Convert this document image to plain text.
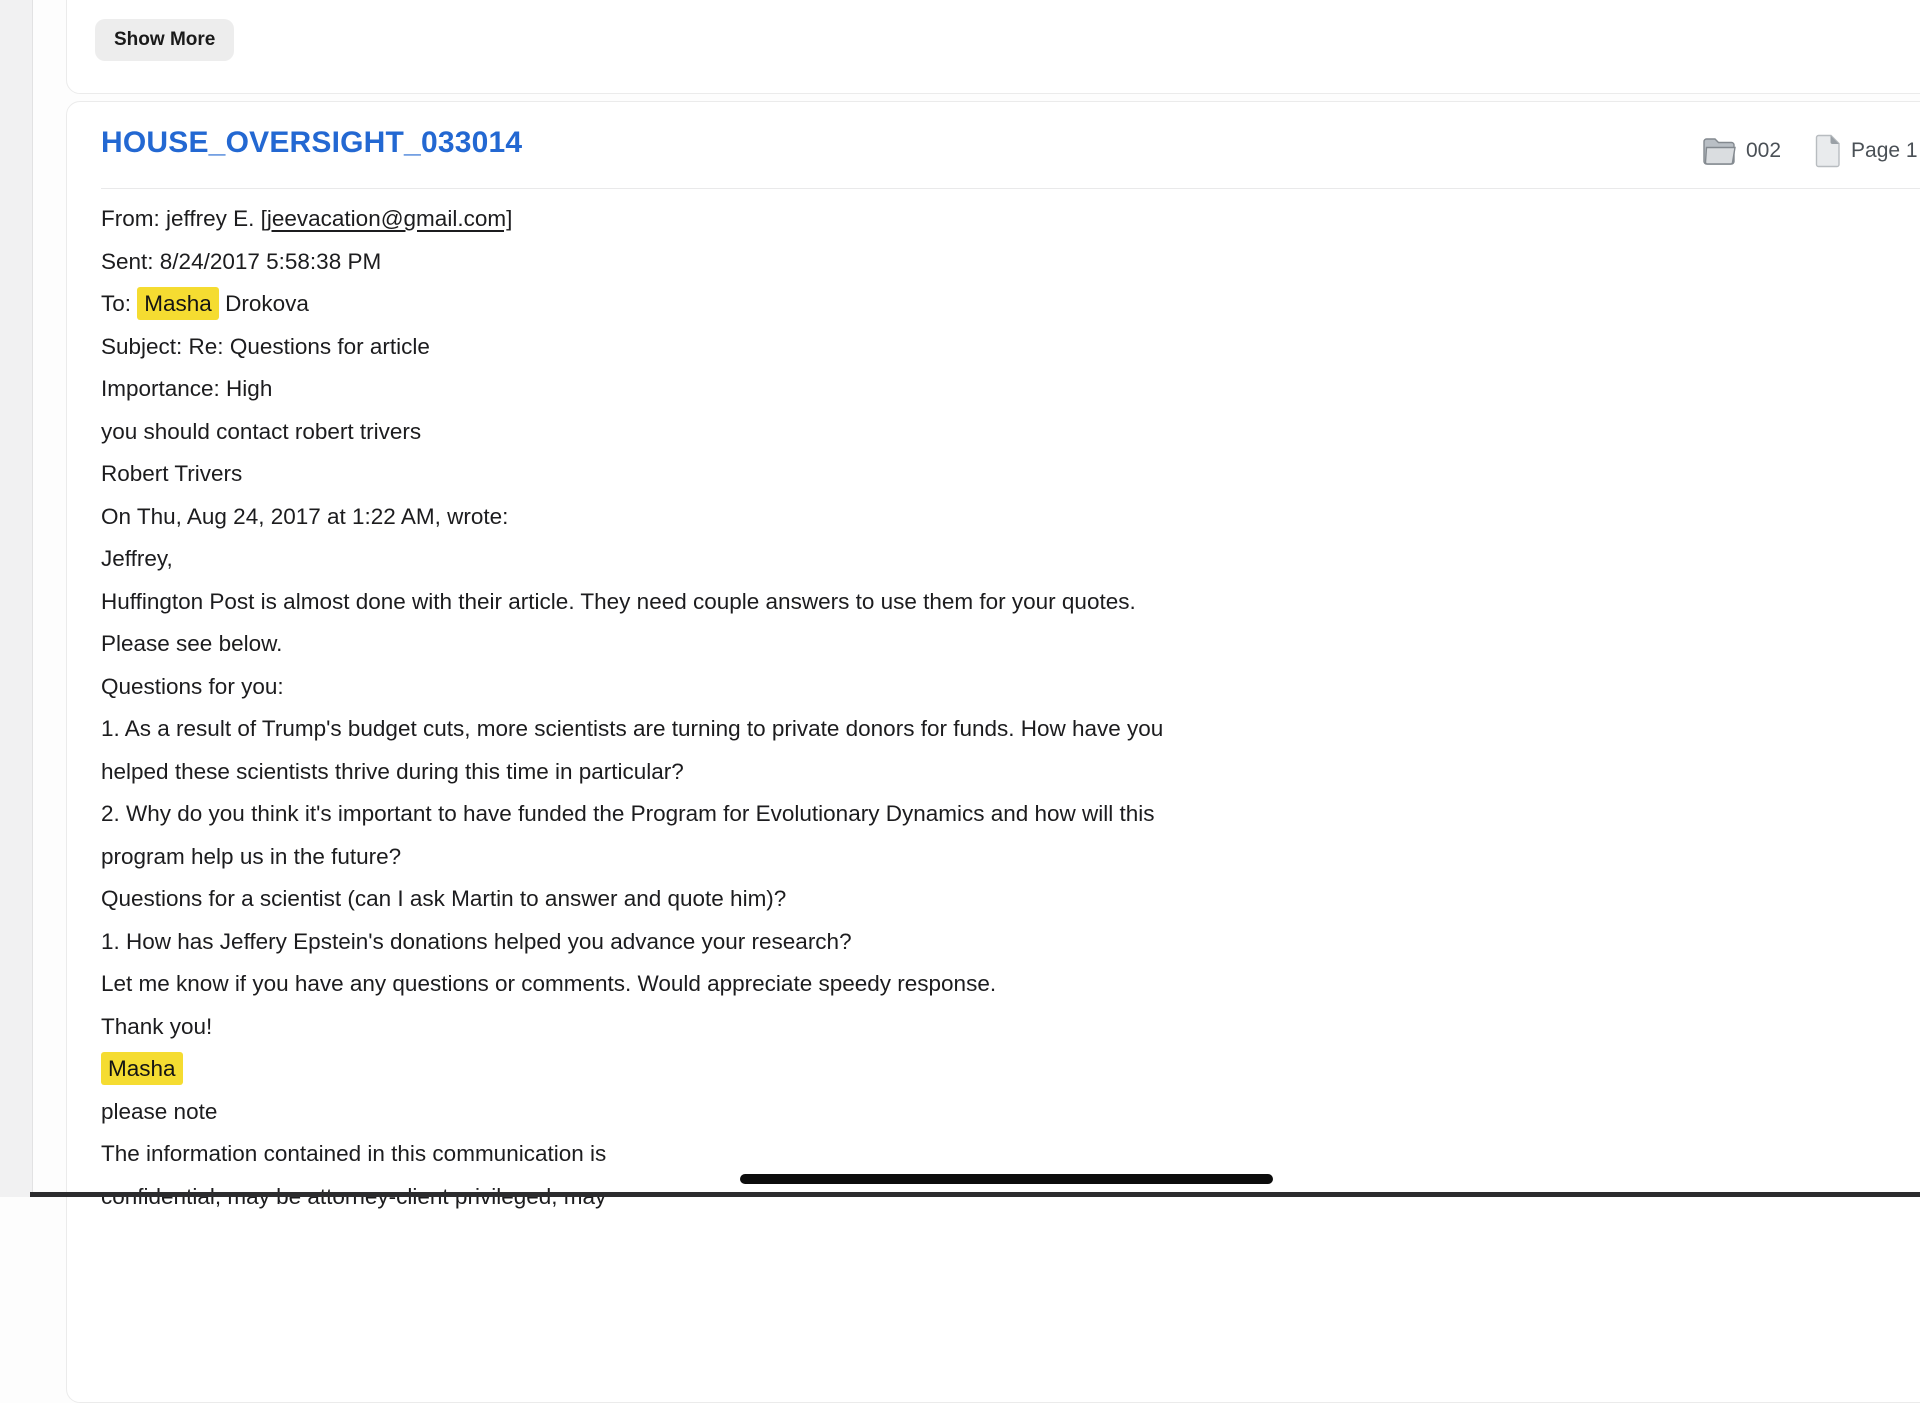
Show More
HOUSE_OVERSIGHT_033014
From: jeffrey E. [jeevacation@gmail.com]
Sent: 8/24/2017 5:58:38 PM
To: Masha Drokova
Subject: Re: Questions for article
Importance: High
you should contact robert trivers
Robert Trivers
On Thu, Aug 24, 2017 at 1:22 AM, wrote:
Jeffrey,
Huffington Post is almost done with their article. They need couple answers to use them for your quotes.
Please see below.
Questions for you:
1. As a result of Trump's budget cuts, more scientists are turning to private donors for funds. How have you
helped these scientists thrive during this time in particular?
2. Why do you think it's important to have funded the Program for Evolutionary Dynamics and how will this
program help us in the future?
Questions for a scientist (can I ask Martin to answer and quote him)?
1. How has Jeffery Epstein's donations helped you advance your research?
Let me know if you have any questions or comments. Would appreciate speedy response.
Thank you!
Masha
please note
The information contained in this communication is
002	Page 1
